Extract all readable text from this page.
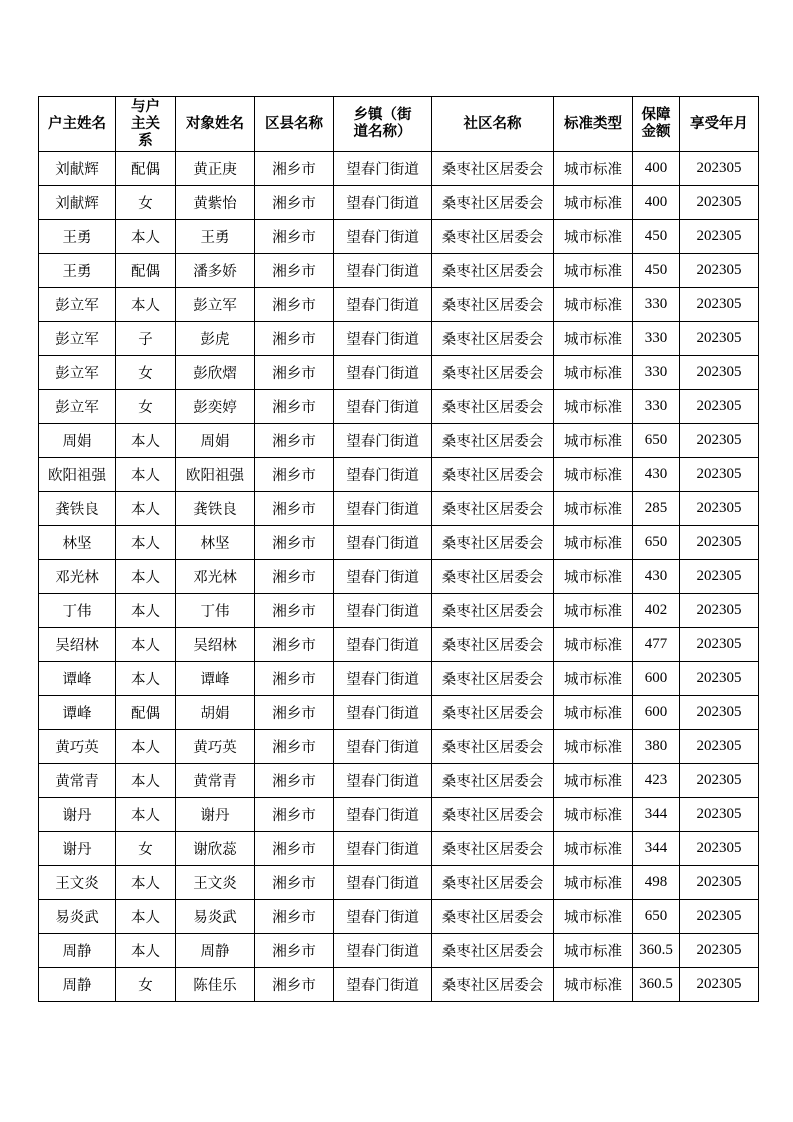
户主姓名	与户主关系	对象姓名	区县名称	乡镇（街道名称）	社区名称	标准类型	保障金额	享受年月
刘献辉	配偶	黄正庚	湘乡市	望春门街道	桑枣社区居委会	城市标准	400	202305
刘献辉	女	黄紫怡	湘乡市	望春门街道	桑枣社区居委会	城市标准	400	202305
王勇	本人	王勇	湘乡市	望春门街道	桑枣社区居委会	城市标准	450	202305
王勇	配偶	潘多娇	湘乡市	望春门街道	桑枣社区居委会	城市标准	450	202305
彭立军	本人	彭立军	湘乡市	望春门街道	桑枣社区居委会	城市标准	330	202305
彭立军	子	彭虎	湘乡市	望春门街道	桑枣社区居委会	城市标准	330	202305
彭立军	女	彭欣熠	湘乡市	望春门街道	桑枣社区居委会	城市标准	330	202305
彭立军	女	彭奕婷	湘乡市	望春门街道	桑枣社区居委会	城市标准	330	202305
周娟	本人	周娟	湘乡市	望春门街道	桑枣社区居委会	城市标准	650	202305
欧阳祖强	本人	欧阳祖强	湘乡市	望春门街道	桑枣社区居委会	城市标准	430	202305
龚铁良	本人	龚铁良	湘乡市	望春门街道	桑枣社区居委会	城市标准	285	202305
林坚	本人	林坚	湘乡市	望春门街道	桑枣社区居委会	城市标准	650	202305
邓光林	本人	邓光林	湘乡市	望春门街道	桑枣社区居委会	城市标准	430	202305
丁伟	本人	丁伟	湘乡市	望春门街道	桑枣社区居委会	城市标准	402	202305
吴绍林	本人	吴绍林	湘乡市	望春门街道	桑枣社区居委会	城市标准	477	202305
谭峰	本人	谭峰	湘乡市	望春门街道	桑枣社区居委会	城市标准	600	202305
谭峰	配偶	胡娟	湘乡市	望春门街道	桑枣社区居委会	城市标准	600	202305
黄巧英	本人	黄巧英	湘乡市	望春门街道	桑枣社区居委会	城市标准	380	202305
黄常青	本人	黄常青	湘乡市	望春门街道	桑枣社区居委会	城市标准	423	202305
谢丹	本人	谢丹	湘乡市	望春门街道	桑枣社区居委会	城市标准	344	202305
谢丹	女	谢欣蕊	湘乡市	望春门街道	桑枣社区居委会	城市标准	344	202305
王文炎	本人	王文炎	湘乡市	望春门街道	桑枣社区居委会	城市标准	498	202305
易炎武	本人	易炎武	湘乡市	望春门街道	桑枣社区居委会	城市标准	650	202305
周静	本人	周静	湘乡市	望春门街道	桑枣社区居委会	城市标准	360.5	202305
周静	女	陈佳乐	湘乡市	望春门街道	桑枣社区居委会	城市标准	360.5	202305
